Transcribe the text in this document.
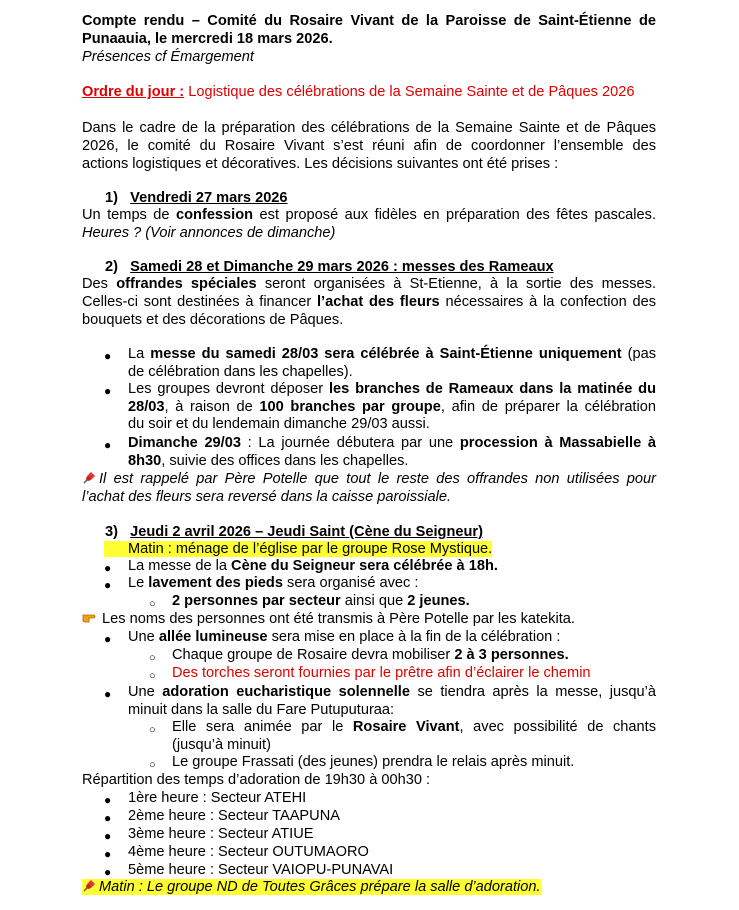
Compte rendu – Comité du Rosaire Vivant de la Paroisse de Saint-Étienne de
Punaauia, le mercredi 18 mars 2026.
Présences cf Émargement
Ordre du jour : Logistique des célébrations de la Semaine Sainte et de Pâques 2026
Dans le cadre de la préparation des célébrations de la Semaine Sainte et de Pâques
2026, le comité du Rosaire Vivant s’est réuni afin de coordonner l’ensemble des
actions logistiques et décoratives. Les décisions suivantes ont été prises :
1) Vendredi 27 mars 2026
Un temps de confession est proposé aux fidèles en préparation des fêtes pascales.
Heures ? (Voir annonces de dimanche)
2) Samedi 28 et Dimanche 29 mars 2026 : messes des Rameaux
Des offrandes spéciales seront organisées à St-Etienne, à la sortie des messes.
Celles-ci sont destinées à financer l’achat des fleurs nécessaires à la confection des
bouquets et des décorations de Pâques.
● La messe du samedi 28/03 sera célébrée à Saint-Étienne uniquement (pas
de célébration dans les chapelles).
● Les groupes devront déposer les branches de Rameaux dans la matinée du
28/03, à raison de 100 branches par groupe, afin de préparer la célébration
du soir et du lendemain dimanche 29/03 aussi.
● Dimanche 29/03 : La journée débutera par une procession à Massabielle à
8h30, suivie des offices dans les chapelles.
Il est rappelé par Père Potelle que tout le reste des offrandes non utilisées pour
l’achat des fleurs sera reversé dans la caisse paroissiale.
3) Jeudi 2 avril 2026 – Jeudi Saint (Cène du Seigneur)
Matin : ménage de l’église par le groupe Rose Mystique.
● La messe de la Cène du Seigneur sera célébrée à 18h.
● Le lavement des pieds sera organisé avec :
○ 2 personnes par secteur ainsi que 2 jeunes.
Les noms des personnes ont été transmis à Père Potelle par les katekita.
● Une allée lumineuse sera mise en place à la fin de la célébration :
○ Chaque groupe de Rosaire devra mobiliser 2 à 3 personnes.
○ Des torches seront fournies par le prêtre afin d’éclairer le chemin
● Une adoration eucharistique solennelle se tiendra après la messe, jusqu’à
minuit dans la salle du Fare Putuputuraa:
○ Elle sera animée par le Rosaire Vivant, avec possibilité de chants
(jusqu’à minuit)
○ Le groupe Frassati (des jeunes) prendra le relais après minuit.
Répartition des temps d’adoration de 19h30 à 00h30 :
● 1ère heure : Secteur ATEHI
● 2ème heure : Secteur TAAPUNA
● 3ème heure : Secteur ATIUE
● 4ème heure : Secteur OUTUMAORO
● 5ème heure : Secteur VAIOPU-PUNAVAI
Matin : Le groupe ND de Toutes Grâces prépare la salle d’adoration.
